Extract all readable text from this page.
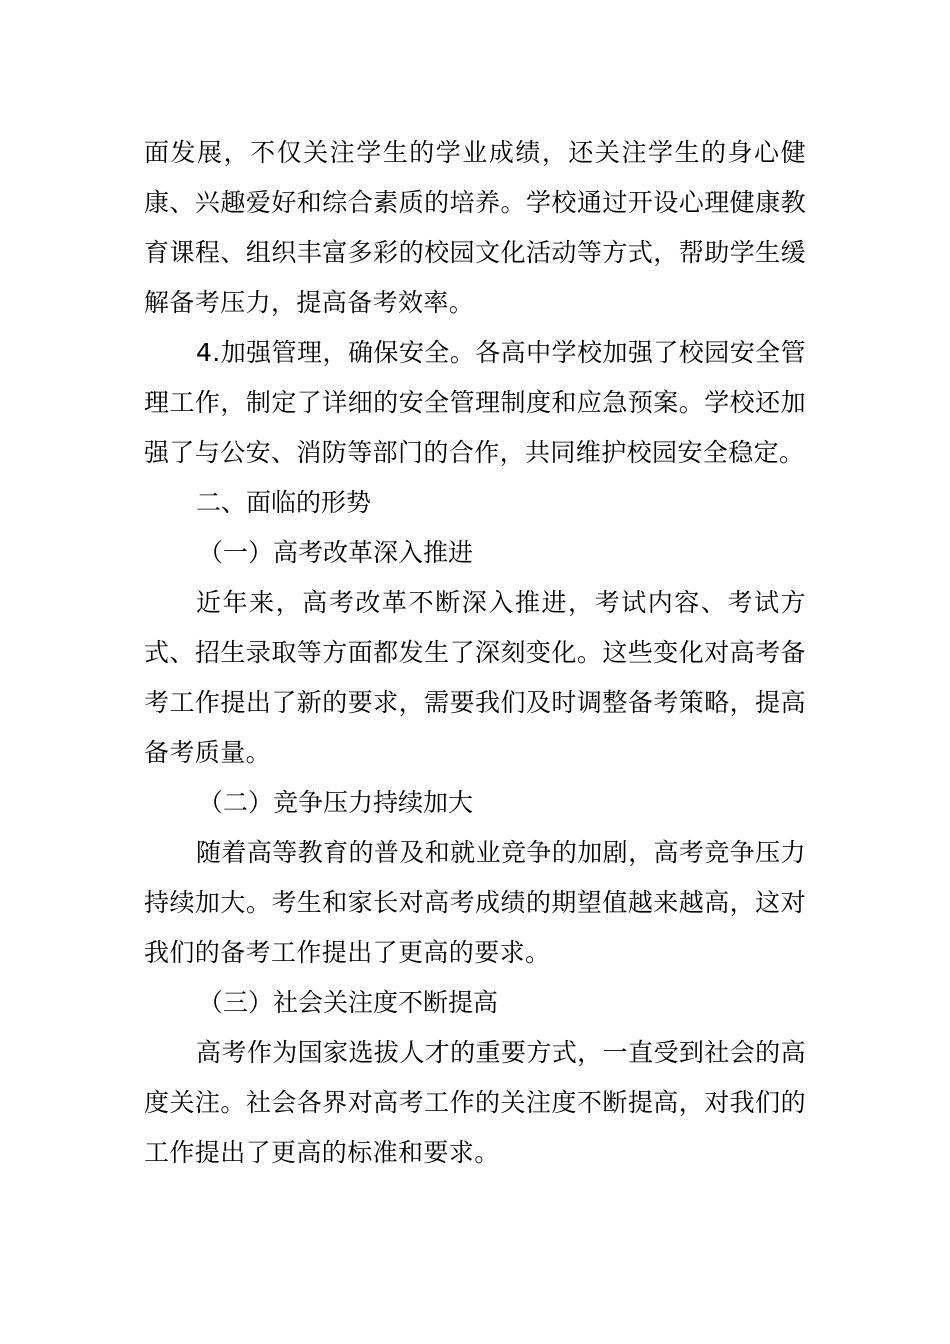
面发展，不仅关注学生的学业成绩，还关注学生的身心健康、兴趣爱好和综合素质的培养。学校通过开设心理健康教育课程、组织丰富多彩的校园文化活动等方式，帮助学生缓解备考压力，提高备考效率。

4.加强管理，确保安全。各高中学校加强了校园安全管理工作，制定了详细的安全管理制度和应急预案。学校还加强了与公安、消防等部门的合作，共同维护校园安全稳定。

二、面临的形势

（一）高考改革深入推进

近年来，高考改革不断深入推进，考试内容、考试方式、招生录取等方面都发生了深刻变化。这些变化对高考备考工作提出了新的要求，需要我们及时调整备考策略，提高备考质量。

（二）竞争压力持续加大

随着高等教育的普及和就业竞争的加剧，高考竞争压力持续加大。考生和家长对高考成绩的期望值越来越高，这对我们的备考工作提出了更高的要求。

（三）社会关注度不断提高

高考作为国家选拔人才的重要方式，一直受到社会的高度关注。社会各界对高考工作的关注度不断提高，对我们的工作提出了更高的标准和要求。
